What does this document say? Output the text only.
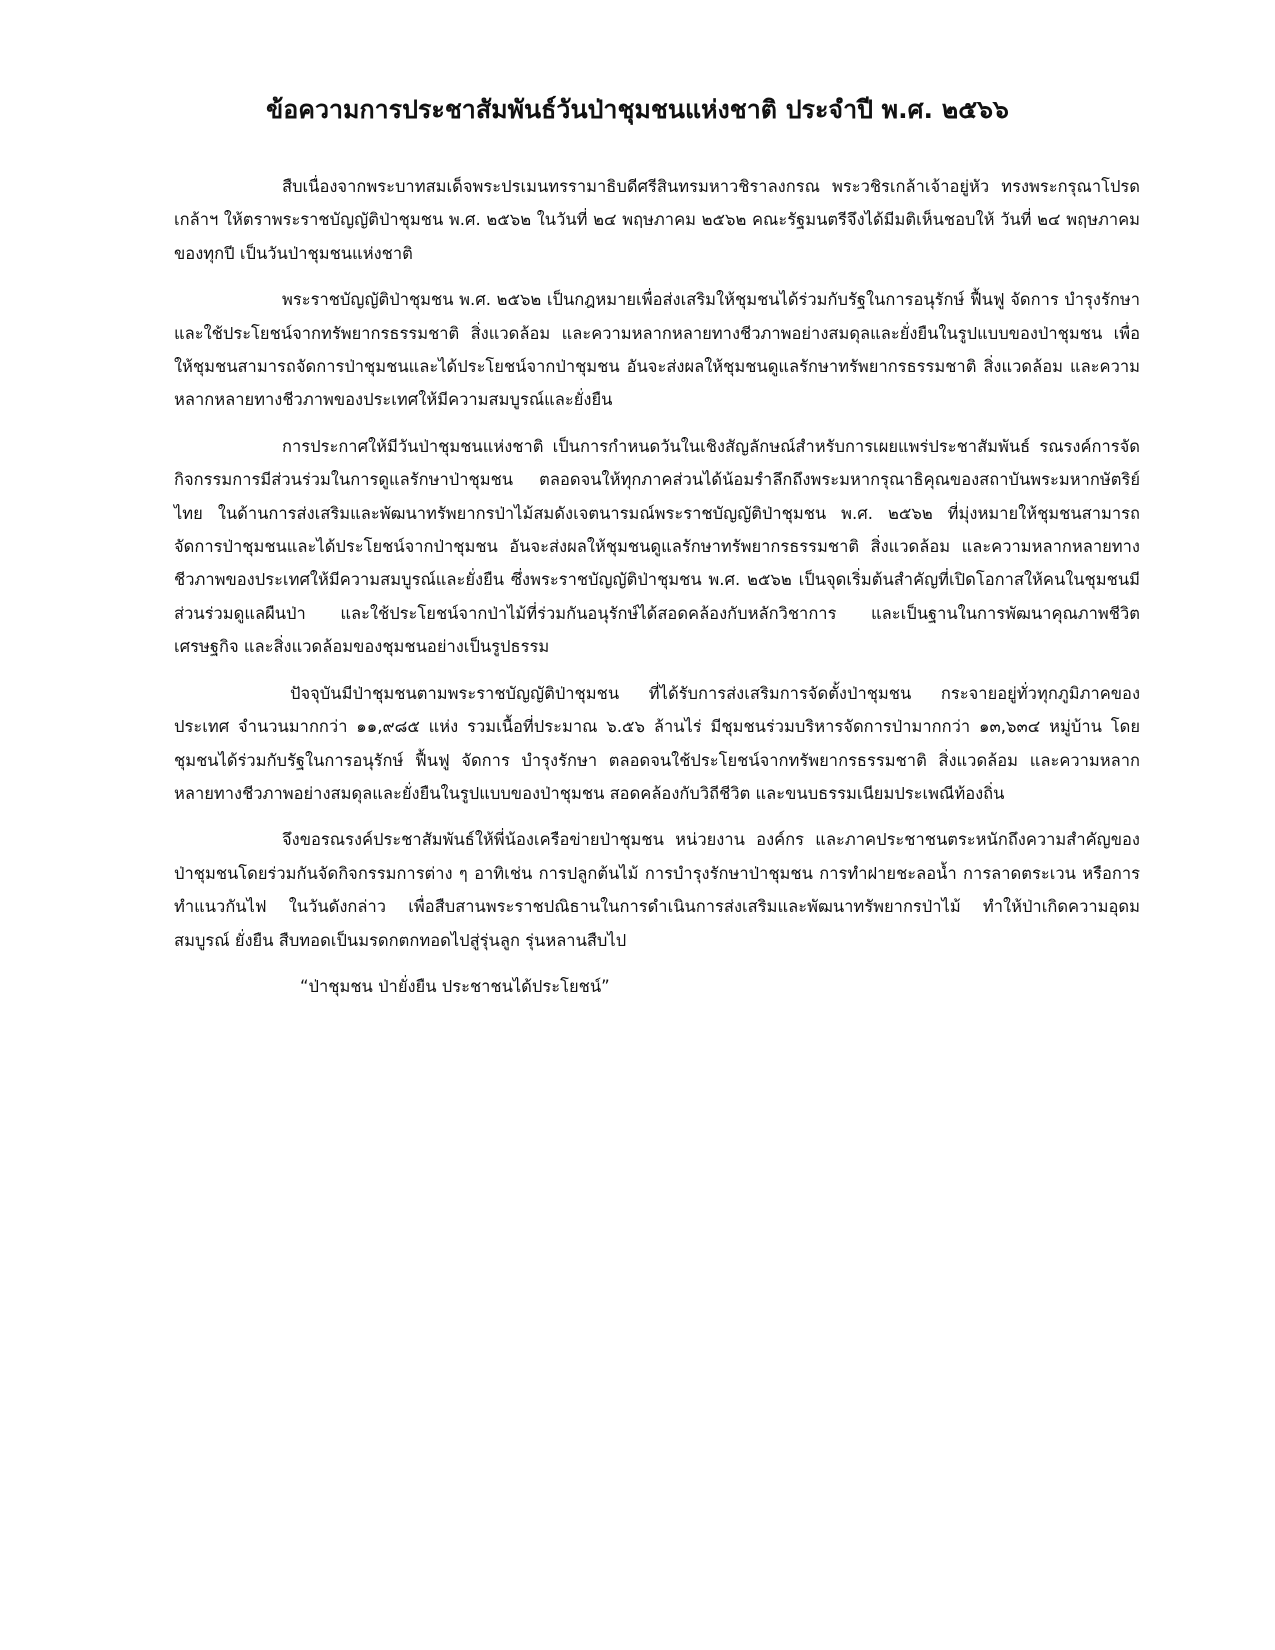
ข้อความการประชาสัมพันธ์วันป่าชุมชนแห่งชาติ ประจำปี พ.ศ. ๒๕๖๖

สืบเนื่องจากพระบาทสมเด็จพระปรเมนทรรามาธิบดีศรีสินทรมหาวชิราลงกรณ พระวชิรเกล้าเจ้าอยู่หัว ทรงพระกรุณาโปรดเกล้าฯ ให้ตราพระราชบัญญัติป่าชุมชน พ.ศ. ๒๕๖๒ ในวันที่ ๒๔ พฤษภาคม ๒๕๖๒ คณะรัฐมนตรีจึงได้มีมติเห็นชอบให้ วันที่ ๒๔ พฤษภาคม ของทุกปี เป็นวันป่าชุมชนแห่งชาติ

พระราชบัญญัติป่าชุมชน พ.ศ. ๒๕๖๒ เป็นกฎหมายเพื่อส่งเสริมให้ชุมชนได้ร่วมกับรัฐในการอนุรักษ์ ฟื้นฟู จัดการ บำรุงรักษา และใช้ประโยชน์จากทรัพยากรธรรมชาติ สิ่งแวดล้อม และความหลากหลายทางชีวภาพอย่างสมดุลและยั่งยืนในรูปแบบของป่าชุมชน เพื่อให้ชุมชนสามารถจัดการป่าชุมชนและได้ประโยชน์จากป่าชุมชน อันจะส่งผลให้ชุมชนดูแลรักษาทรัพยากรธรรมชาติ สิ่งแวดล้อม และความหลากหลายทางชีวภาพของประเทศให้มีความสมบูรณ์และยั่งยืน

การประกาศให้มีวันป่าชุมชนแห่งชาติ เป็นการกำหนดวันในเชิงสัญลักษณ์สำหรับการเผยแพร่ประชาสัมพันธ์ รณรงค์การจัดกิจกรรมการมีส่วนร่วมในการดูแลรักษาป่าชุมชน ตลอดจนให้ทุกภาคส่วนได้น้อมรำลึกถึงพระมหากรุณาธิคุณของสถาบันพระมหากษัตริย์ไทย ในด้านการส่งเสริมและพัฒนาทรัพยากรป่าไม้สมดังเจตนารมณ์พระราชบัญญัติป่าชุมชน พ.ศ. ๒๕๖๒ ที่มุ่งหมายให้ชุมชนสามารถจัดการป่าชุมชนและได้ประโยชน์จากป่าชุมชน อันจะส่งผลให้ชุมชนดูแลรักษาทรัพยากรธรรมชาติ สิ่งแวดล้อม และความหลากหลายทางชีวภาพของประเทศให้มีความสมบูรณ์และยั่งยืน ซึ่งพระราชบัญญัติป่าชุมชน พ.ศ. ๒๕๖๒ เป็นจุดเริ่มต้นสำคัญที่เปิดโอกาสให้คนในชุมชนมีส่วนร่วมดูแลผืนป่า และใช้ประโยชน์จากป่าไม้ที่ร่วมกันอนุรักษ์ได้สอดคล้องกับหลักวิชาการ และเป็นฐานในการพัฒนาคุณภาพชีวิต เศรษฐกิจ และสิ่งแวดล้อมของชุมชนอย่างเป็นรูปธรรม

ปัจจุบันมีป่าชุมชนตามพระราชบัญญัติป่าชุมชน ที่ได้รับการส่งเสริมการจัดตั้งป่าชุมชน กระจายอยู่ทั่วทุกภูมิภาคของประเทศ จำนวนมากกว่า ๑๑,๙๘๕ แห่ง รวมเนื้อที่ประมาณ ๖.๕๖ ล้านไร่ มีชุมชนร่วมบริหารจัดการป่ามากกว่า ๑๓,๖๓๔ หมู่บ้าน โดยชุมชนได้ร่วมกับรัฐในการอนุรักษ์ ฟื้นฟู จัดการ บำรุงรักษา ตลอดจนใช้ประโยชน์จากทรัพยากรธรรมชาติ สิ่งแวดล้อม และความหลากหลายทางชีวภาพอย่างสมดุลและยั่งยืนในรูปแบบของป่าชุมชน สอดคล้องกับวิถีชีวิต และขนบธรรมเนียมประเพณีท้องถิ่น

จึงขอรณรงค์ประชาสัมพันธ์ให้พี่น้องเครือข่ายป่าชุมชน หน่วยงาน องค์กร และภาคประชาชนตระหนักถึงความสำคัญของป่าชุมชนโดยร่วมกันจัดกิจกรรมการต่าง ๆ อาทิเช่น การปลูกต้นไม้ การบำรุงรักษาป่าชุมชน การทำฝายชะลอน้ำ การลาดตระเวน หรือการทำแนวกันไฟ ในวันดังกล่าว เพื่อสืบสานพระราชปณิธานในการดำเนินการส่งเสริมและพัฒนาทรัพยากรป่าไม้ ทำให้ป่าเกิดความอุดมสมบูรณ์ ยั่งยืน สืบทอดเป็นมรดกตกทอดไปสู่รุ่นลูก รุ่นหลานสืบไป

“ป่าชุมชน ป่ายั่งยืน ประชาชนได้ประโยชน์”
